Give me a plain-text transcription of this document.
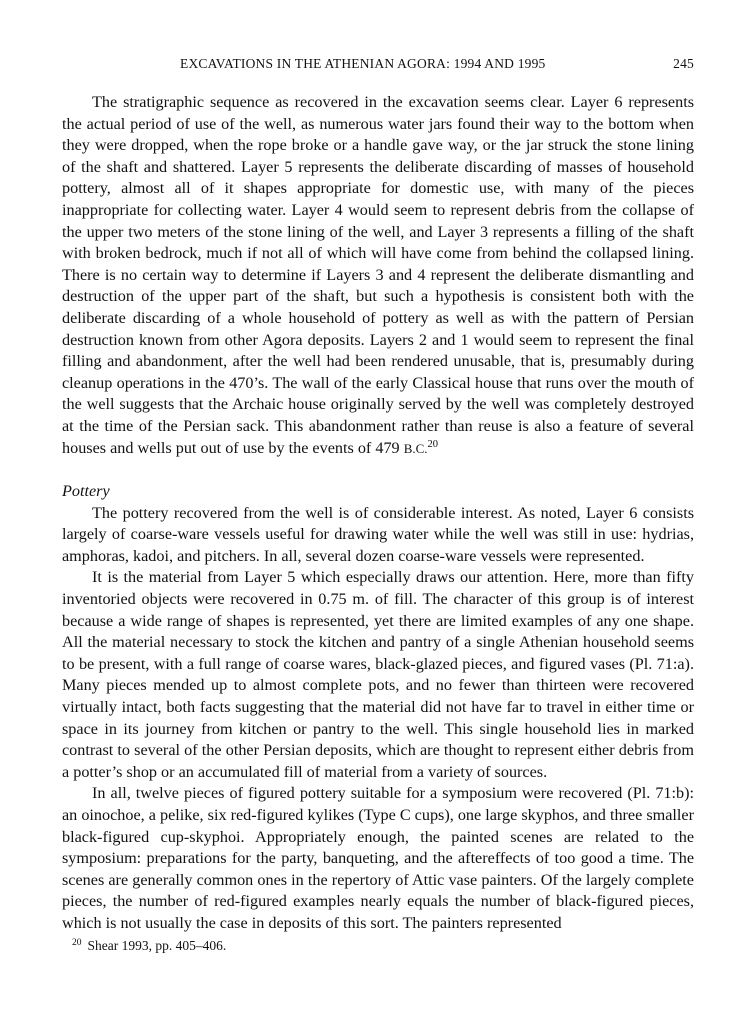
EXCAVATIONS IN THE ATHENIAN AGORA: 1994 AND 1995	245

The stratigraphic sequence as recovered in the excavation seems clear. Layer 6 represents the actual period of use of the well, as numerous water jars found their way to the bottom when they were dropped, when the rope broke or a handle gave way, or the jar struck the stone lining of the shaft and shattered. Layer 5 represents the deliberate discarding of masses of household pottery, almost all of it shapes appropriate for domestic use, with many of the pieces inappropriate for collecting water. Layer 4 would seem to represent debris from the collapse of the upper two meters of the stone lining of the well, and Layer 3 represents a filling of the shaft with broken bedrock, much if not all of which will have come from behind the collapsed lining. There is no certain way to determine if Layers 3 and 4 represent the deliberate dismantling and destruction of the upper part of the shaft, but such a hypothesis is consistent both with the deliberate discarding of a whole household of pottery as well as with the pattern of Persian destruction known from other Agora deposits. Layers 2 and 1 would seem to represent the final filling and abandonment, after the well had been rendered unusable, that is, presumably during cleanup operations in the 470’s. The wall of the early Classical house that runs over the mouth of the well suggests that the Archaic house originally served by the well was completely destroyed at the time of the Persian sack. This abandonment rather than reuse is also a feature of several houses and wells put out of use by the events of 479 B.C.$^{20}$

Pottery

The pottery recovered from the well is of considerable interest. As noted, Layer 6 consists largely of coarse-ware vessels useful for drawing water while the well was still in use: hydrias, amphoras, kadoi, and pitchers. In all, several dozen coarse-ware vessels were represented.

It is the material from Layer 5 which especially draws our attention. Here, more than fifty inventoried objects were recovered in 0.75 m. of fill. The character of this group is of interest because a wide range of shapes is represented, yet there are limited examples of any one shape. All the material necessary to stock the kitchen and pantry of a single Athenian household seems to be present, with a full range of coarse wares, black-glazed pieces, and figured vases (Pl. 71:a). Many pieces mended up to almost complete pots, and no fewer than thirteen were recovered virtually intact, both facts suggesting that the material did not have far to travel in either time or space in its journey from kitchen or pantry to the well. This single household lies in marked contrast to several of the other Persian deposits, which are thought to represent either debris from a potter’s shop or an accumulated fill of material from a variety of sources.

In all, twelve pieces of figured pottery suitable for a symposium were recovered (Pl. 71:b): an oinochoe, a pelike, six red-figured kylikes (Type C cups), one large skyphos, and three smaller black-figured cup-skyphoi. Appropriately enough, the painted scenes are related to the symposium: preparations for the party, banqueting, and the aftereffects of too good a time. The scenes are generally common ones in the repertory of Attic vase painters. Of the largely complete pieces, the number of red-figured examples nearly equals the number of black-figured pieces, which is not usually the case in deposits of this sort. The painters represented

$^{20}$ Shear 1993, pp. 405–406.
